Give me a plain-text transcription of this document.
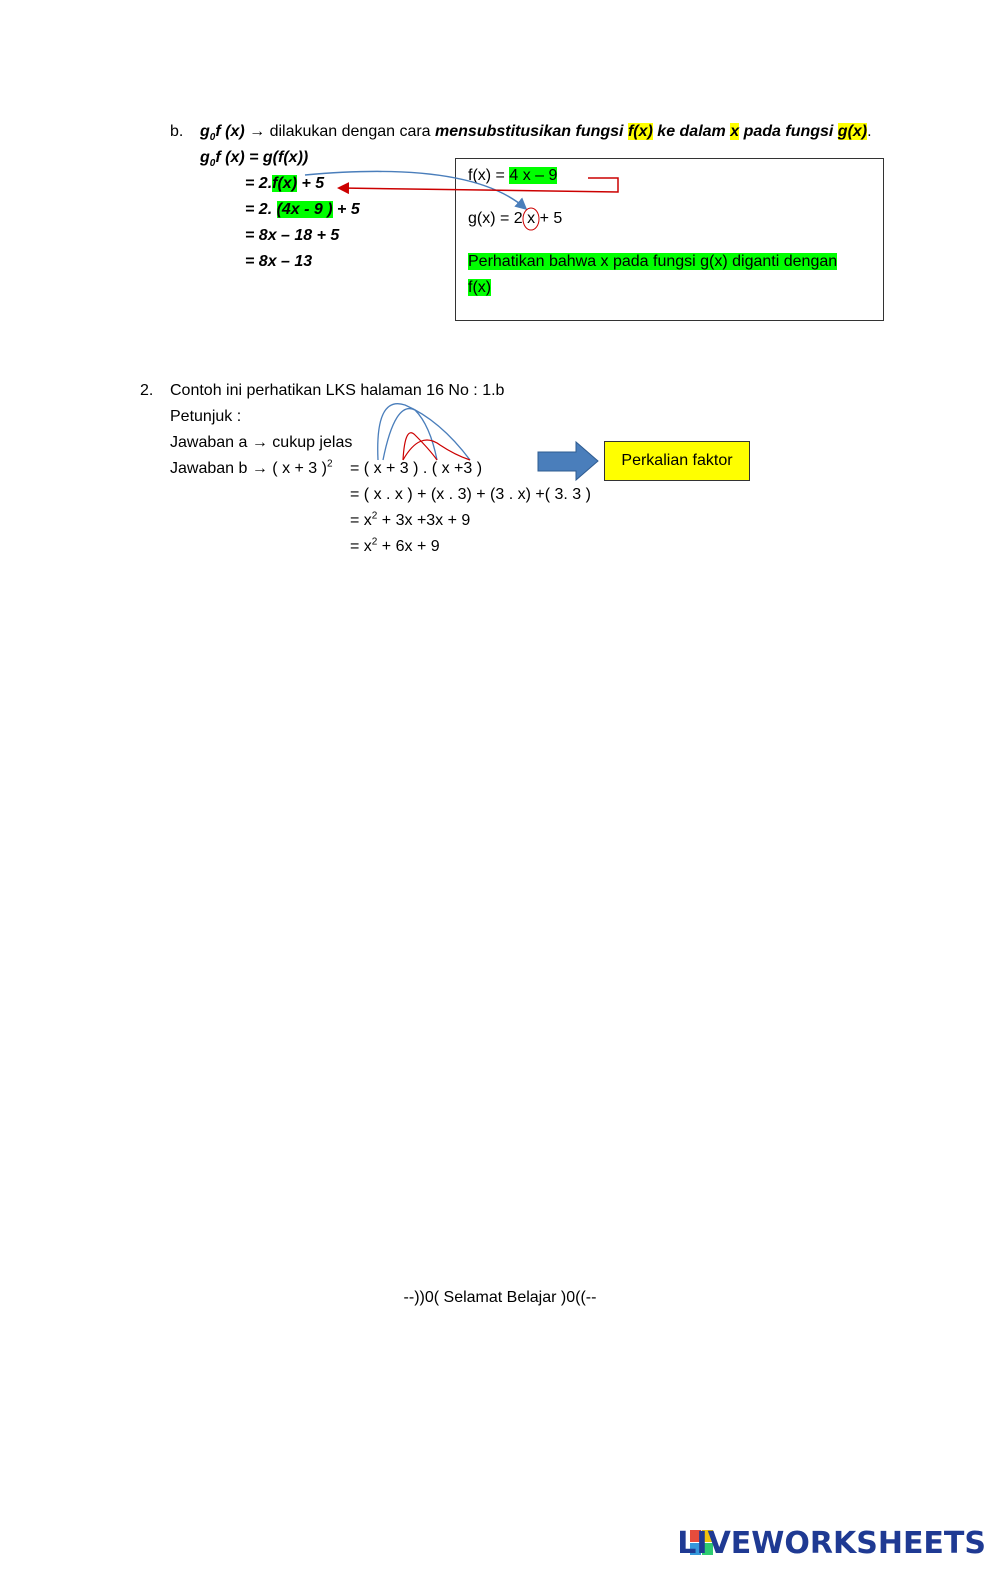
b. $g_0f$ (x) → dilakukan dengan cara mensubstitusikan fungsi f(x) ke dalam x pada fungsi g(x).
$g_0f$ (x) = g(f(x))
= 2.f(x) + 5
= 2. (4x - 9 ) + 5
= 8x – 18 + 5
= 8x – 13
f(x) = 4 x – 9
g(x) = 2 x + 5
Perhatikan bahwa x pada fungsi g(x) diganti dengan
f(x)
2. Contoh ini perhatikan LKS halaman 16 No : 1.b
Petunjuk :
Jawaban a → cukup jelas
Jawaban b → ( x + 3 )$^2$ = ( x + 3 ) . ( x +3 )
= ( x . x ) + (x . 3) + (3 . x) +( 3. 3 )
= $x^2 + 3x +3x + 9$
= $x^2 + 6x + 9$
Perkalian faktor
--))0( Selamat Belajar )0((--
LIVEWORKSHEETS
